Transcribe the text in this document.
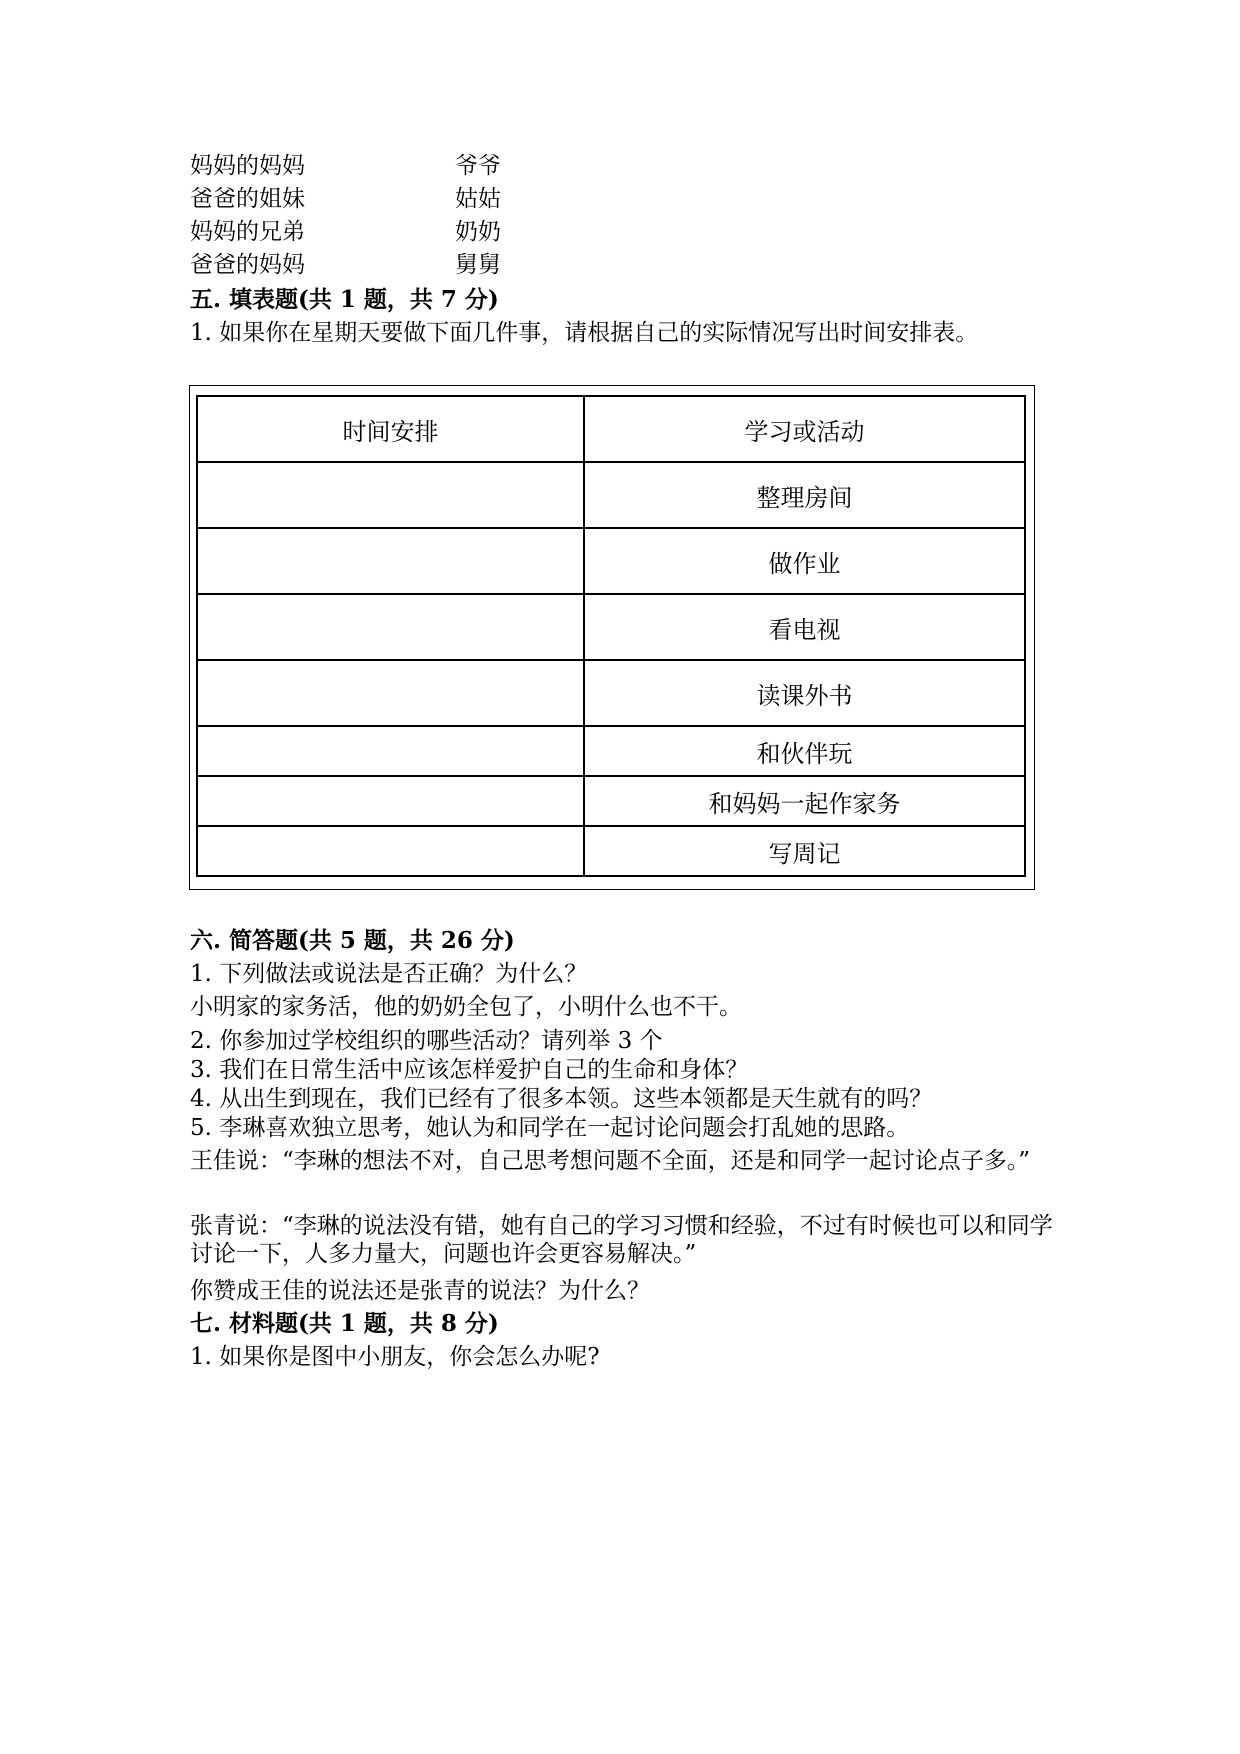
妈妈的妈妈	爷爷
爸爸的姐妹	姑姑
妈妈的兄弟	奶奶
爸爸的妈妈	舅舅
五. 填表题(共 1 题，共 7 分)
1. 如果你在星期天要做下面几件事，请根据自己的实际情况写出时间安排表。
时间安排	学习或活动
	整理房间
	做作业
	看电视
	读课外书
	和伙伴玩
	和妈妈一起作家务
	写周记
六. 简答题(共 5 题，共 26 分)
1. 下列做法或说法是否正确？为什么？
小明家的家务活，他的奶奶全包了，小明什么也不干。
2. 你参加过学校组织的哪些活动？请列举 3 个
3. 我们在日常生活中应该怎样爱护自己的生命和身体？
4. 从出生到现在，我们已经有了很多本领。这些本领都是天生就有的吗？
5. 李琳喜欢独立思考，她认为和同学在一起讨论问题会打乱她的思路。
王佳说：“李琳的想法不对，自己思考想问题不全面，还是和同学一起讨论点子多。”
张青说：“李琳的说法没有错，她有自己的学习习惯和经验，不过有时候也可以和同学讨论一下，人多力量大，问题也许会更容易解决。”
你赞成王佳的说法还是张青的说法？为什么？
七. 材料题(共 1 题，共 8 分)
1. 如果你是图中小朋友，你会怎么办呢?
